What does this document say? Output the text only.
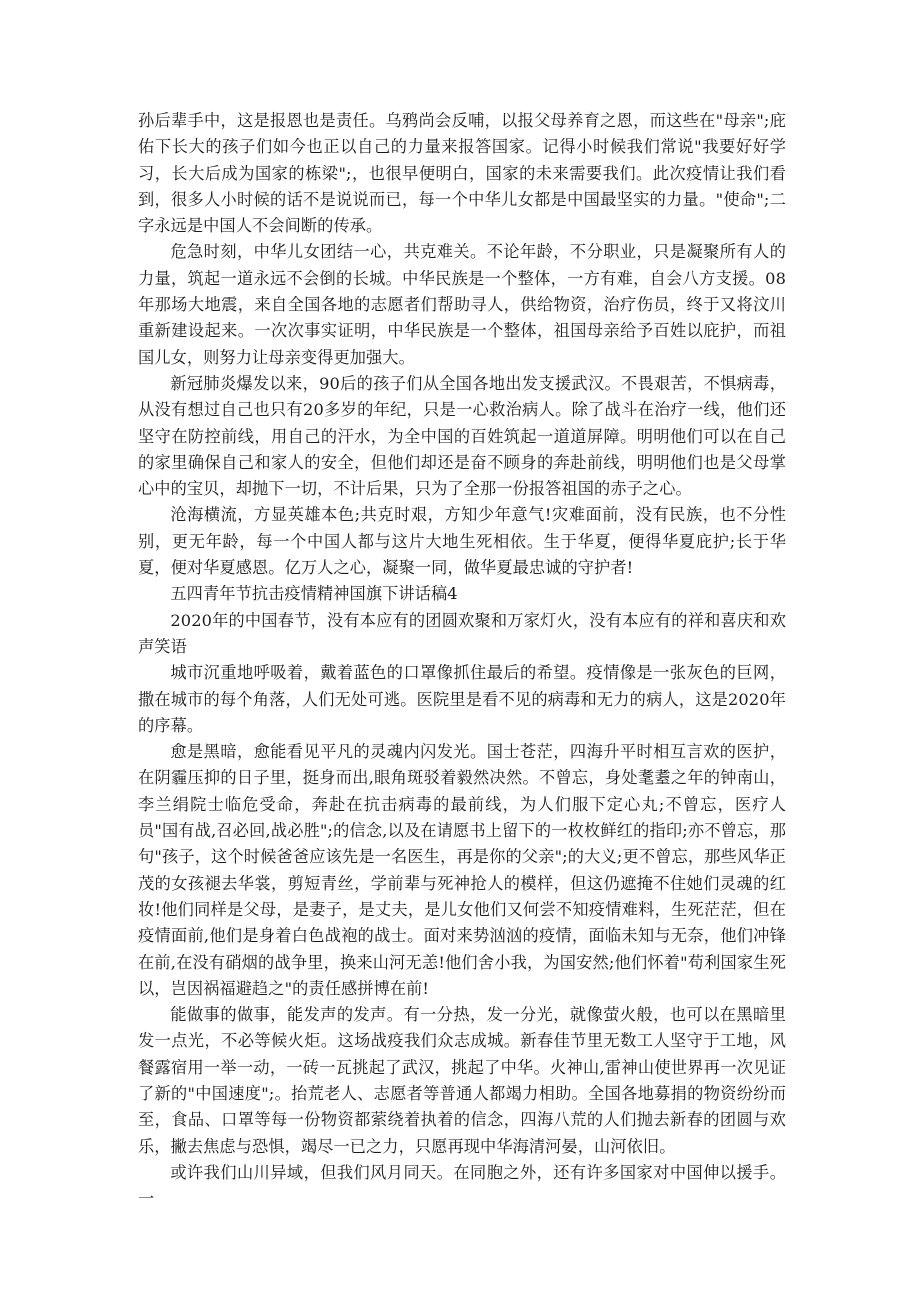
孙后辈手中，这是报恩也是责任。乌鸦尚会反哺，以报父母养育之恩，而这些在"母亲";庇佑下长大的孩子们如今也正以自己的力量来报答国家。记得小时候我们常说"我要好好学习，长大后成为国家的栋梁";，也很早便明白，国家的未来需要我们。此次疫情让我们看到，很多人小时候的话不是说说而已，每一个中华儿女都是中国最坚实的力量。"使命";二字永远是中国人不会间断的传承。

危急时刻，中华儿女团结一心，共克难关。不论年龄，不分职业，只是凝聚所有人的力量，筑起一道永远不会倒的长城。中华民族是一个整体，一方有难，自会八方支援。08年那场大地震，来自全国各地的志愿者们帮助寻人，供给物资，治疗伤员，终于又将汶川重新建设起来。一次次事实证明，中华民族是一个整体，祖国母亲给予百姓以庇护，而祖国儿女，则努力让母亲变得更加强大。

新冠肺炎爆发以来，90后的孩子们从全国各地出发支援武汉。不畏艰苦，不惧病毒，从没有想过自己也只有20多岁的年纪，只是一心救治病人。除了战斗在治疗一线，他们还坚守在防控前线，用自己的汗水，为全中国的百姓筑起一道道屏障。明明他们可以在自己的家里确保自己和家人的安全，但他们却还是奋不顾身的奔赴前线，明明他们也是父母掌心中的宝贝，却抛下一切，不计后果，只为了全那一份报答祖国的赤子之心。

沧海横流，方显英雄本色;共克时艰，方知少年意气!灾难面前，没有民族，也不分性别，更无年龄，每一个中国人都与这片大地生死相依。生于华夏，便得华夏庇护;长于华夏，便对华夏感恩。亿万人之心，凝聚一同，做华夏最忠诚的守护者!

五四青年节抗击疫情精神国旗下讲话稿4

2020年的中国春节，没有本应有的团圆欢聚和万家灯火，没有本应有的祥和喜庆和欢声笑语

城市沉重地呼吸着，戴着蓝色的口罩像抓住最后的希望。疫情像是一张灰色的巨网，撒在城市的每个角落，人们无处可逃。医院里是看不见的病毒和无力的病人，这是2020年的序幕。

愈是黑暗，愈能看见平凡的灵魂内闪发光。国士苍茫，四海升平时相互言欢的医护，在阴霾压抑的日子里，挺身而出,眼角斑驳着毅然决然。不曾忘，身处耄耋之年的钟南山，李兰绢院士临危受命，奔赴在抗击病毒的最前线，为人们服下定心丸;不曾忘，医疗人员"国有战,召必回,战必胜";的信念,以及在请愿书上留下的一枚枚鲜红的指印;亦不曾忘，那句"孩子，这个时候爸爸应该先是一名医生，再是你的父亲";的大义;更不曾忘，那些风华正茂的女孩褪去华裳，剪短青丝，学前辈与死神抢人的模样，但这仍遮掩不住她们灵魂的红妆!他们同样是父母，是妻子，是丈夫，是儿女他们又何尝不知疫情难料，生死茫茫，但在疫情面前,他们是身着白色战袍的战士。面对来势汹汹的疫情，面临未知与无奈，他们冲锋在前,在没有硝烟的战争里，换来山河无恙!他们舍小我，为国安然;他们怀着"苟利国家生死以，岂因祸福避趋之"的责任感拼博在前!

能做事的做事，能发声的发声。有一分热，发一分光，就像萤火般，也可以在黑暗里发一点光，不必等候火炬。这场战疫我们众志成城。新春佳节里无数工人坚守于工地，风餐露宿用一举一动，一砖一瓦挑起了武汉，挑起了中华。火神山,雷神山使世界再一次见证了新的"中国速度";。抬荒老人、志愿者等普通人都竭力相助。全国各地募捐的物资纷纷而至，食品、口罩等每一份物资都萦绕着执着的信念，四海八荒的人们抛去新春的团圆与欢乐，撇去焦虑与恐惧，竭尽一已之力，只愿再现中华海清河晏，山河依旧。

或许我们山川异域，但我们风月同天。在同胞之外，还有许多国家对中国伸以援手。一
